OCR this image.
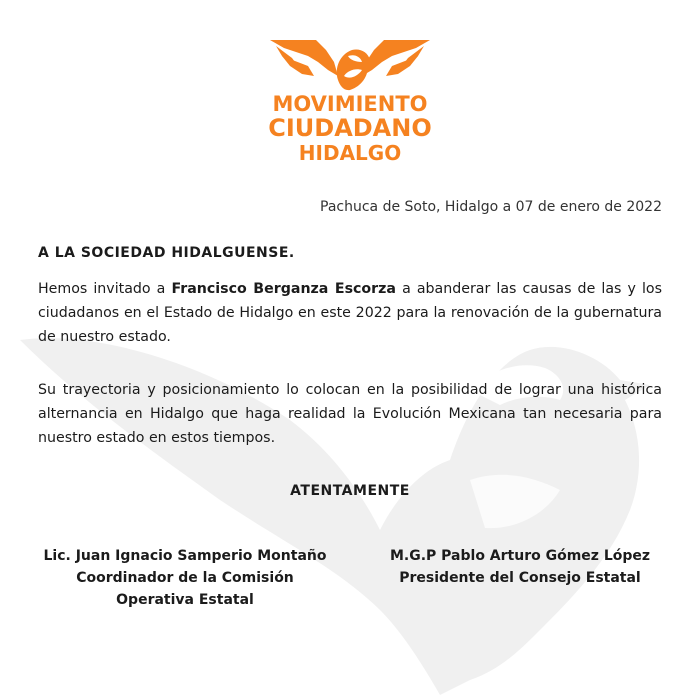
MOVIMIENTO
CIUDADANO
HIDALGO
Pachuca de Soto, Hidalgo a 07 de enero de 2022
A LA SOCIEDAD HIDALGUENSE.

Hemos invitado a Francisco Berganza Escorza a abanderar las causas de las y los ciudadanos en el Estado de Hidalgo en este 2022 para la renovación de la gubernatura de nuestro estado.

Su trayectoria y posicionamiento lo colocan en la posibilidad de lograr una histórica alternancia en Hidalgo que haga realidad la Evolución Mexicana tan necesaria para nuestro estado en estos tiempos.

ATENTAMENTE
Lic. Juan Ignacio Samperio Montaño
Coordinador de la Comisión
Operativa Estatal
M.G.P Pablo Arturo Gómez López
Presidente del Consejo Estatal
